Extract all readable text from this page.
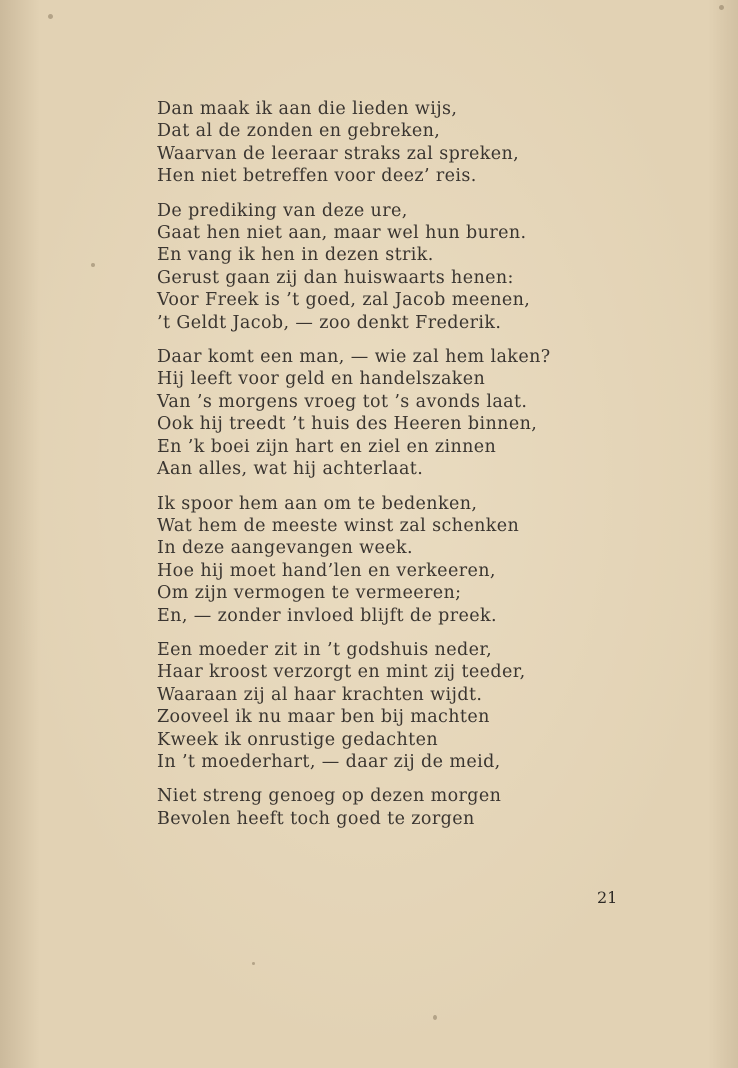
Dan maak ik aan die lieden wijs,
Dat al de zonden en gebreken,
Waarvan de leeraar straks zal spreken,
Hen niet betreffen voor deez’ reis.
De prediking van deze ure,
Gaat hen niet aan, maar wel hun buren.
En vang ik hen in dezen strik.
Gerust gaan zij dan huiswaarts henen:
Voor Freek is ’t goed, zal Jacob meenen,
’t Geldt Jacob, — zoo denkt Frederik.
Daar komt een man, — wie zal hem laken?
Hij leeft voor geld en handelszaken
Van ’s morgens vroeg tot ’s avonds laat.
Ook hij treedt ’t huis des Heeren binnen,
En ’k boei zijn hart en ziel en zinnen
Aan alles, wat hij achterlaat.
Ik spoor hem aan om te bedenken,
Wat hem de meeste winst zal schenken
In deze aangevangen week.
Hoe hij moet hand’len en verkeeren,
Om zijn vermogen te vermeeren;
En, — zonder invloed blijft de preek.
Een moeder zit in ’t godshuis neder,
Haar kroost verzorgt en mint zij teeder,
Waaraan zij al haar krachten wijdt.
Zooveel ik nu maar ben bij machten
Kweek ik onrustige gedachten
In ’t moederhart, — daar zij de meid,
Niet streng genoeg op dezen morgen
Bevolen heeft toch goed te zorgen
21
